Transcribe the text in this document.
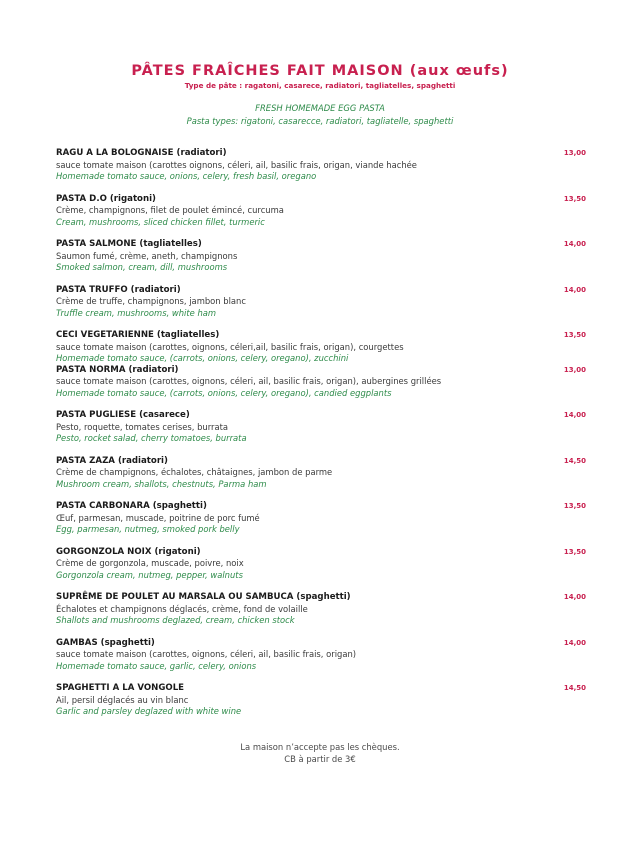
PÂTES FRAÎCHES FAIT MAISON (aux œufs)
Type de pâte : ragatoni, casarece, radiatori, tagliatelles, spaghetti
FRESH HOMEMADE EGG PASTA
Pasta types: rigatoni, casarecce, radiatori, tagliatelle, spaghetti
RAGU A LA BOLOGNAISE (radiatori)
sauce tomate maison (carottes oignons, céleri, ail, basilic frais, origan, viande hachée
Homemade tomato sauce, onions, celery, fresh basil, oregano
13,00
PASTA D.O (rigatoni)
Crème, champignons, filet de poulet émincé, curcuma
Cream, mushrooms, sliced chicken fillet, turmeric
13,50
PASTA SALMONE (tagliatelles)
Saumon fumé, crème, aneth, champignons
Smoked salmon, cream, dill, mushrooms
14,00
PASTA TRUFFO (radiatori)
Crème de truffe, champignons, jambon blanc
Truffle cream, mushrooms, white ham
14,00
CECI VEGETARIENNE (tagliatelles)
sauce tomate maison (carottes, oignons, céleri,ail, basilic frais, origan), courgettes
Homemade tomato sauce, (carrots, onions, celery, oregano), zucchini
13,50
PASTA NORMA (radiatori)
sauce tomate maison (carottes, oignons, céleri, ail, basilic frais, origan), aubergines grillées
Homemade tomato sauce, (carrots, onions, celery, oregano), candied eggplants
13,00
PASTA PUGLIESE (casarece)
Pesto, roquette, tomates cerises, burrata
Pesto, rocket salad, cherry tomatoes, burrata
14,00
PASTA ZAZA (radiatori)
Crème de champignons, échalotes, châtaignes, jambon de parme
Mushroom cream, shallots, chestnuts, Parma ham
14,50
PASTA CARBONARA (spaghetti)
Œuf, parmesan, muscade, poitrine de porc fumé
Egg, parmesan, nutmeg, smoked pork belly
13,50
GORGONZOLA NOIX (rigatoni)
Crème de gorgonzola, muscade, poivre, noix
Gorgonzola cream, nutmeg, pepper, walnuts
13,50
SUPRÊME DE POULET AU MARSALA OU SAMBUCA (spaghetti)
Échalotes et champignons déglacés, crème, fond de volaille
Shallots and mushrooms deglazed, cream, chicken stock
14,00
GAMBAS (spaghetti)
sauce tomate maison (carottes, oignons, céleri, ail, basilic frais, origan)
Homemade tomato sauce, garlic, celery, onions
14,00
SPAGHETTI A LA VONGOLE
Ail, persil déglacés au vin blanc
Garlic and parsley deglazed with white wine
14,50
La maison n’accepte pas les chèques.
CB à partir de 3€
